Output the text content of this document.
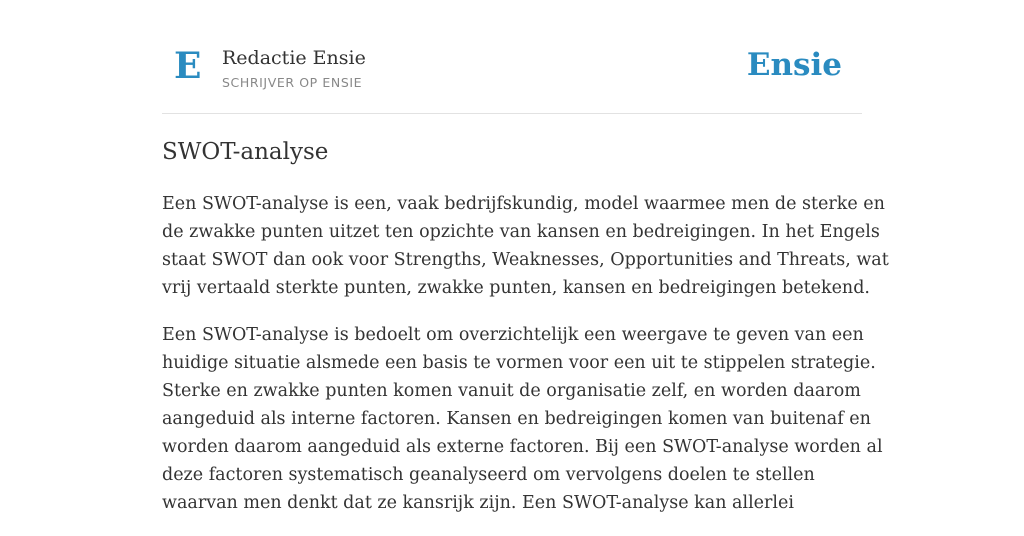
E Redactie Ensie
SCHRIJVER OP ENSIE	Ensie
SWOT-analyse

Een SWOT-analyse is een, vaak bedrijfskundig, model waarmee men de sterke en
de zwakke punten uitzet ten opzichte van kansen en bedreigingen. In het Engels
staat SWOT dan ook voor Strengths, Weaknesses, Opportunities and Threats, wat
vrij vertaald sterkte punten, zwakke punten, kansen en bedreigingen betekend.

Een SWOT-analyse is bedoelt om overzichtelijk een weergave te geven van een
huidige situatie alsmede een basis te vormen voor een uit te stippelen strategie.
Sterke en zwakke punten komen vanuit de organisatie zelf, en worden daarom
aangeduid als interne factoren. Kansen en bedreigingen komen van buitenaf en
worden daarom aangeduid als externe factoren. Bij een SWOT-analyse worden al
deze factoren systematisch geanalyseerd om vervolgens doelen te stellen
waarvan men denkt dat ze kansrijk zijn. Een SWOT-analyse kan allerlei
